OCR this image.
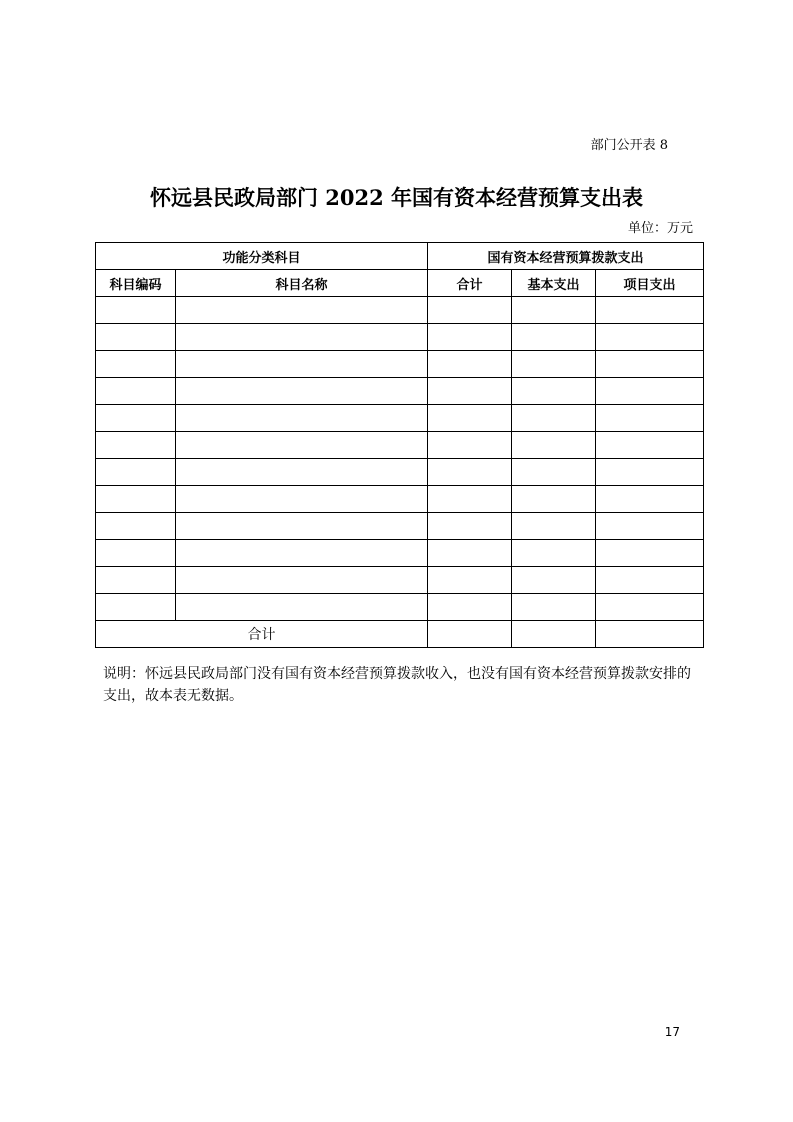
部门公开表 8
怀远县民政局部门 2022 年国有资本经营预算支出表
单位：万元
功能分类科目		国有资本经营预算拨款支出		
科目编码	科目名称	合计	基本支出	项目支出

合计				

说明：怀远县民政局部门没有国有资本经营预算拨款收入，也没有国有资本经营预算拨款安排的支出，故本表无数据。

17
